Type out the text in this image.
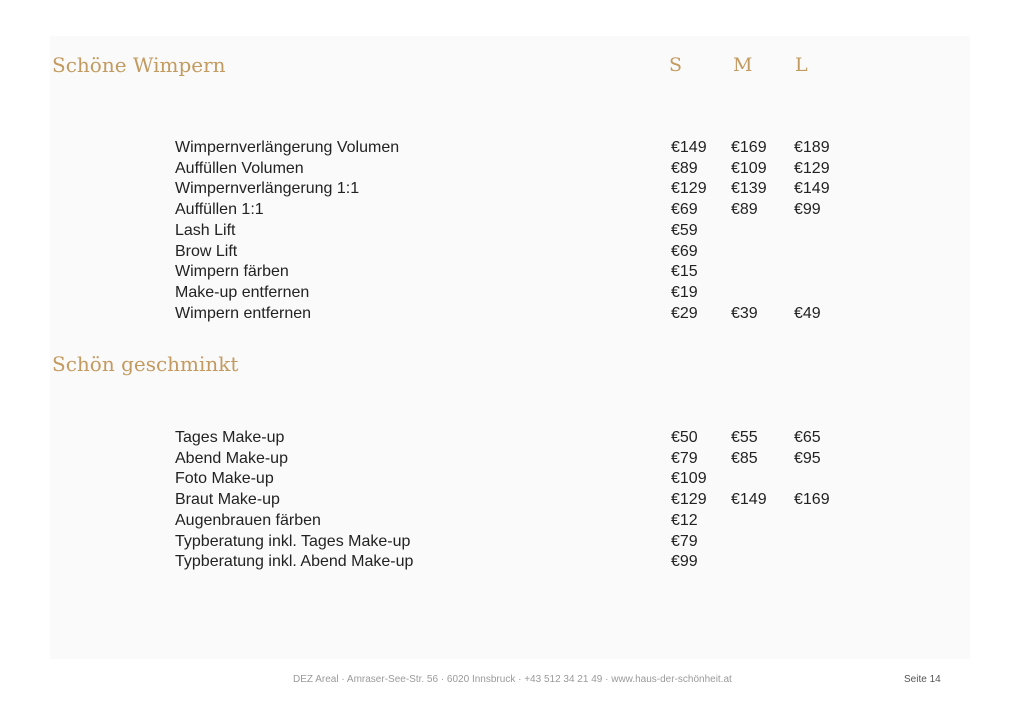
Schöne Wimpern	S	M L
Wimpernverlängerung Volumen	€149 €169 €189
Auffüllen Volumen	€89 €109 €129
Wimpernverlängerung 1:1	€129 €139 €149
Auffüllen 1:1	€69 €89 €99
Lash Lift	€59
Brow Lift	€69
Wimpern färben	€15
Make-up entfernen	€19
Wimpern entfernen	€29 €39 €49
Schön geschminkt
Tages Make-up	€50 €55 €65
Abend Make-up	€79 €85 €95
Foto Make-up	€109
Braut Make-up	€129 €149 €169
Augenbrauen färben	€12
Typberatung inkl. Tages Make-up	€79
Typberatung inkl. Abend Make-up	€99
DEZ Areal · Amraser-See-Str. 56 · 6020 Innsbruck · +43 512 34 21 49 · www.haus-der-schönheit.at	Seite 14
